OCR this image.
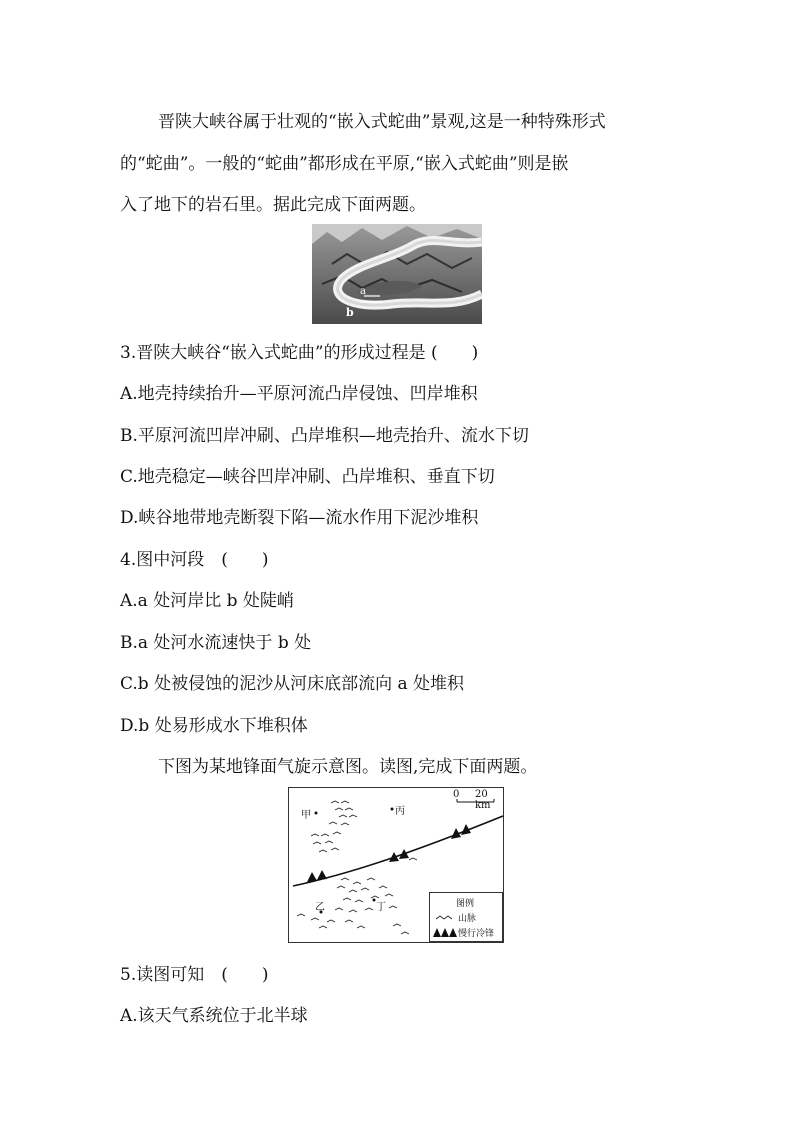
晋陕大峡谷属于壮观的“嵌入式蛇曲”景观,这是一种特殊形式
的“蛇曲”。一般的“蛇曲”都形成在平原,“嵌入式蛇曲”则是嵌
入了地下的岩石里。据此完成下面两题。
a
b
3.晋陕大峡谷“嵌入式蛇曲”的形成过程是 (　　)
A.地壳持续抬升—平原河流凸岸侵蚀、凹岸堆积
B.平原河流凹岸冲刷、凸岸堆积—地壳抬升、流水下切
C.地壳稳定—峡谷凹岸冲刷、凸岸堆积、垂直下切
D.峡谷地带地壳断裂下陷—流水作用下泥沙堆积
4.图中河段　(　　)
A.a 处河岸比 b 处陡峭
B.a 处河水流速快于 b 处
C.b 处被侵蚀的泥沙从河床底部流向 a 处堆积
D.b 处易形成水下堆积体
下图为某地锋面气旋示意图。读图,完成下面两题。
甲	丙
丁
乙
0 20 km
图例
山脉
慢行冷锋
5.读图可知　(　　)
A.该天气系统位于北半球
